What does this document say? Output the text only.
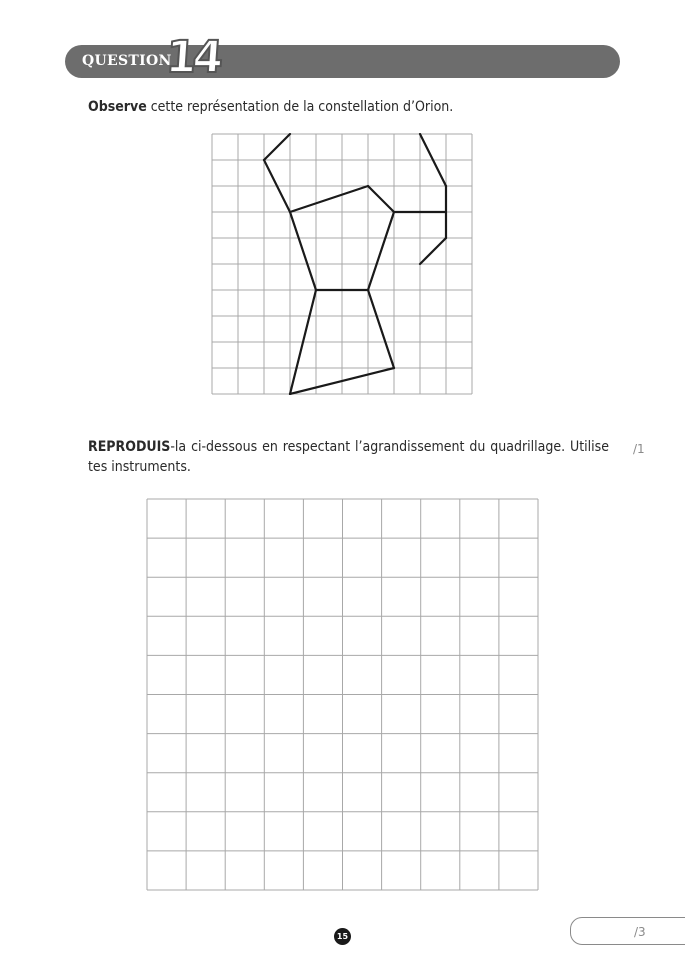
QUESTION
14
Observe cette représentation de la constellation d’Orion.
REPRODUIS-la ci-dessous en respectant l’agrandissement du quadrillage. Utilise tes instruments.
/1
15	/3
